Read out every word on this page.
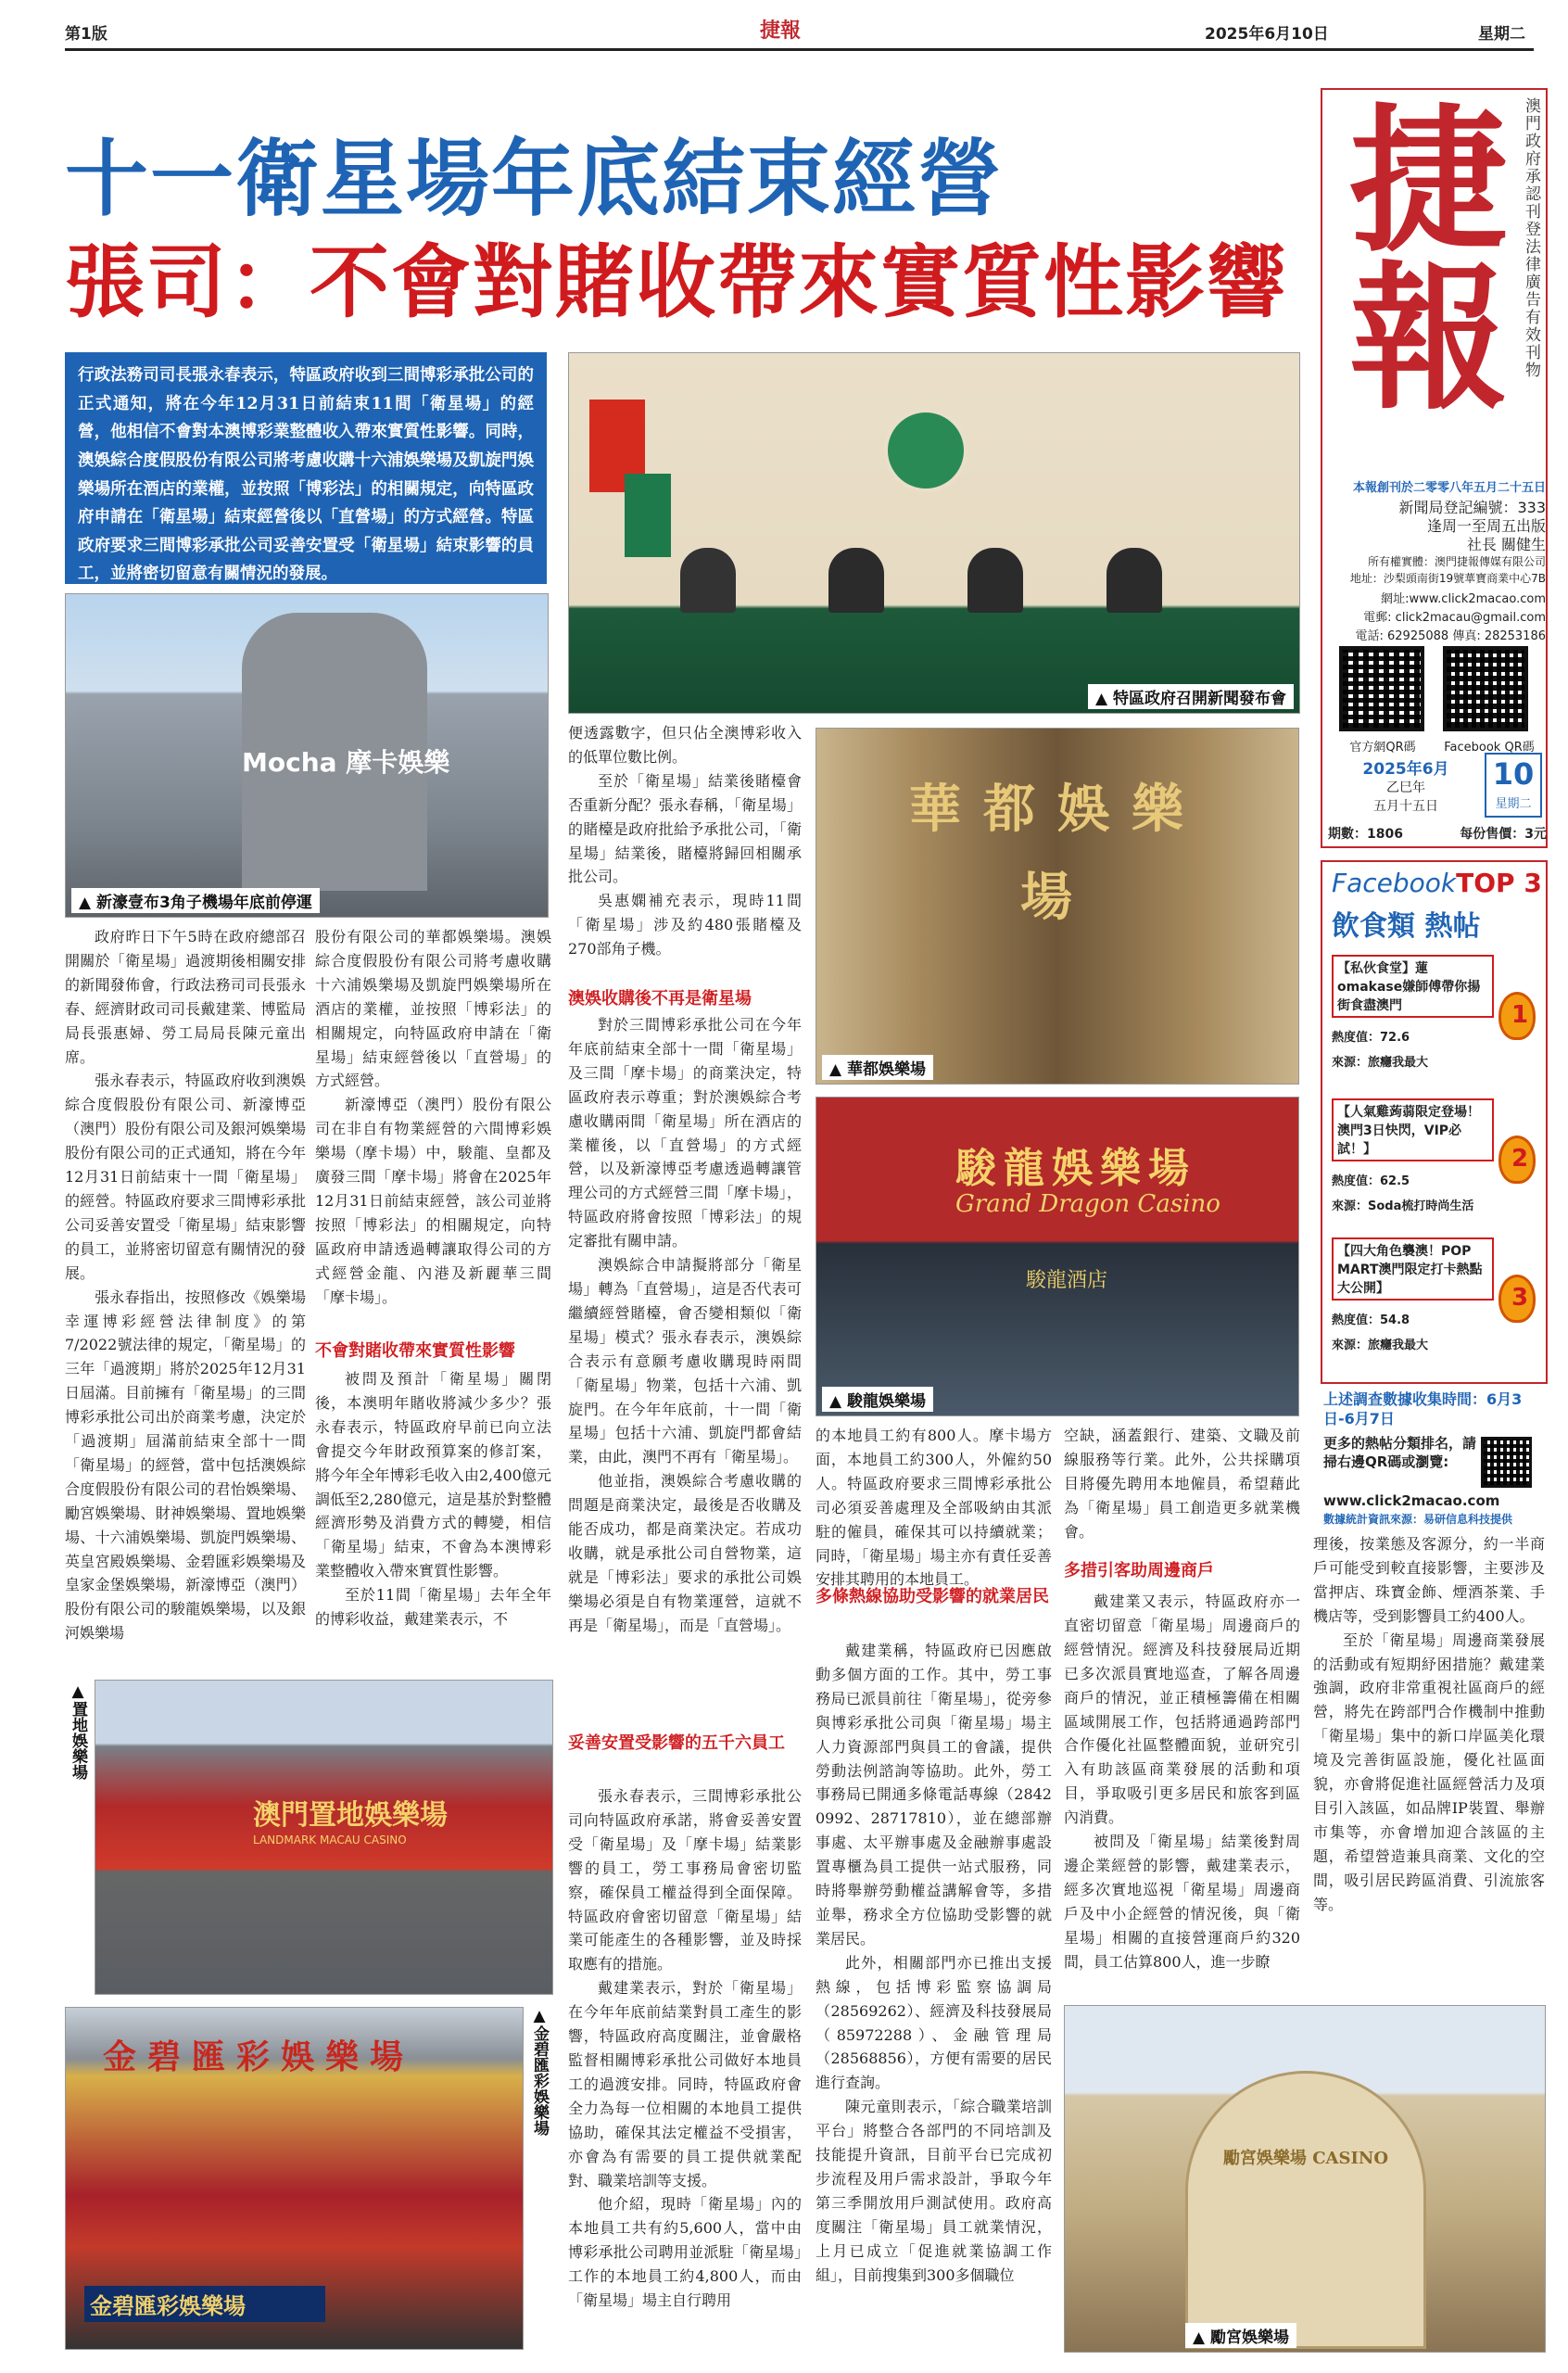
第1版	捷報	2025年6月10日	星期二
十一衛星場年底結束經營
張司：不會對賭收帶來實質性影響
行政法務司司長張永春表示，特區政府收到三間博彩承批公司的正式通知，將在今年12月31日前結束11間「衛星場」的經營，他相信不會對本澳博彩業整體收入帶來實質性影響。同時，澳娛綜合度假股份有限公司將考慮收購十六浦娛樂場及凱旋門娛樂場所在酒店的業權，並按照「博彩法」的相關規定，向特區政府申請在「衛星場」結束經營後以「直營場」的方式經營。特區政府要求三間博彩承批公司妥善安置受「衛星場」結束影響的員工，並將密切留意有關情況的發展。
Mocha 摩卡娛樂
▲ 新濠壹布3角子機場年底前停運
▲ 特區政府召開新聞發布會

政府昨日下午5時在政府總部召開關於「衛星場」過渡期後相關安排的新聞發佈會，行政法務司司長張永春、經濟財政司司長戴建業、博監局局長張惠婦、勞工局局長陳元童出席。

張永春表示，特區政府收到澳娛綜合度假股份有限公司、新濠博亞（澳門）股份有限公司及銀河娛樂場股份有限公司的正式通知，將在今年12月31日前結束十一間「衛星場」的經營。特區政府要求三間博彩承批公司妥善安置受「衛星場」結束影響的員工，並將密切留意有關情況的發展。

張永春指出，按照修改《娛樂場幸運博彩經營法律制度》的第7/2022號法律的規定，「衛星場」的三年「過渡期」將於2025年12月31日屆滿。目前擁有「衛星場」的三間博彩承批公司出於商業考慮，決定於「過渡期」屆滿前結束全部十一間「衛星場」的經營，當中包括澳娛綜合度假股份有限公司的君怡娛樂場、勵宮娛樂場、財神娛樂場、置地娛樂場、十六浦娛樂場、凱旋門娛樂場、英皇宮殿娛樂場、金碧匯彩娛樂場及皇家金堡娛樂場，新濠博亞（澳門）股份有限公司的駿龍娛樂場，以及銀河娛樂場

股份有限公司的華都娛樂場。澳娛綜合度假股份有限公司將考慮收購十六浦娛樂場及凱旋門娛樂場所在酒店的業權，並按照「博彩法」的相關規定，向特區政府申請在「衛星場」結束經營後以「直營場」的方式經營。

新濠博亞（澳門）股份有限公司在非自有物業經營的六間博彩娛樂場（摩卡場）中，駿龍、皇都及廣發三間「摩卡場」將會在2025年12月31日前結束經營，該公司並將按照「博彩法」的相關規定，向特區政府申請透過轉讓取得公司的方式經營金龍、內港及新麗華三間「摩卡場」。

不會對賭收帶來實質性影響

被問及預計「衛星場」關閉後，本澳明年賭收將減少多少？張永春表示，特區政府早前已向立法會提交今年財政預算案的修訂案，將今年全年博彩毛收入由2,400億元調低至2,280億元，這是基於對整體經濟形勢及消費方式的轉變，相信「衛星場」結束，不會為本澳博彩業整體收入帶來實質性影響。

至於11間「衛星場」去年全年的博彩收益，戴建業表示，不

便透露數字，但只佔全澳博彩收入的低單位數比例。

至於「衛星場」結業後賭檯會否重新分配？張永春稱，「衛星場」的賭檯是政府批給予承批公司，「衛星場」結業後，賭檯將歸回相關承批公司。

吳惠嫻補充表示，現時11間「衛星場」涉及約480張賭檯及270部角子機。

澳娛收購後不再是衛星場

對於三間博彩承批公司在今年年底前結束全部十一間「衛星場」及三間「摩卡場」的商業決定，特區政府表示尊重；對於澳娛綜合考慮收購兩間「衛星場」所在酒店的業權後，以「直營場」的方式經營，以及新濠博亞考慮透過轉讓管理公司的方式經營三間「摩卡場」，特區政府將會按照「博彩法」的規定審批有關申請。

澳娛綜合申請擬將部分「衛星場」轉為「直營場」，這是否代表可繼續經營賭檯，會否變相類似「衛星場」模式？張永春表示，澳娛綜合表示有意願考慮收購現時兩間「衛星場」物業，包括十六浦、凱旋門。在今年年底前，十一間「衛星場」包括十六浦、凱旋門都會結業，由此，澳門不再有「衛星場」。

他並指，澳娛綜合考慮收購的問題是商業決定，最後是否收購及能否成功，都是商業決定。若成功收購，就是承批公司自營物業，這就是「博彩法」要求的承批公司娛樂場必須是自有物業運營，這就不再是「衛星場」，而是「直營場」。

妥善安置受影響的五千六員工

張永春表示，三間博彩承批公司向特區政府承諾，將會妥善安置受「衛星場」及「摩卡場」結業影響的員工，勞工事務局會密切監察，確保員工權益得到全面保障。特區政府會密切留意「衛星場」結業可能產生的各種影響，並及時採取應有的措施。

戴建業表示，對於「衛星場」在今年年底前結業對員工產生的影響，特區政府高度關注，並會嚴格監督相關博彩承批公司做好本地員工的過渡安排。同時，特區政府會全力為每一位相關的本地員工提供協助，確保其法定權益不受損害，亦會為有需要的員工提供就業配對、職業培訓等支援。

他介紹，現時「衛星場」內的本地員工共有約5,600人，當中由博彩承批公司聘用並派駐「衛星場」工作的本地員工約4,800人，而由「衛星場」場主自行聘用

華都娛樂場
▲ 華都娛樂場
駿龍娛樂場
Grand Dragon Casino
駿龍酒店
▲ 駿龍娛樂場

的本地員工約有800人。摩卡場方面，本地員工約300人，外僱約50人。特區政府要求三間博彩承批公司必須妥善處理及全部吸納由其派駐的僱員，確保其可以持續就業；同時，「衛星場」場主亦有責任妥善安排其聘用的本地員工。

多條熱線協助受影響的就業居民

戴建業稱，特區政府已因應啟動多個方面的工作。其中，勞工事務局已派員前往「衛星場」，從旁參與博彩承批公司與「衛星場」場主人力資源部門與員工的會議，提供勞動法例諮詢等協助。此外，勞工事務局已開通多條電話專線（2842 0992、28717810），並在總部辦事處、太平辦事處及金融辦事處設置專櫃為員工提供一站式服務，同時將舉辦勞動權益講解會等，多措並舉，務求全方位協助受影響的就業居民。

此外，相關部門亦已推出支援熱線，包括博彩監察協調局（28569262）、經濟及科技發展局（85972288）、金融管理局（28568856），方便有需要的居民進行查詢。

陳元童則表示，「綜合職業培訓平台」將整合各部門的不同培訓及技能提升資訊，目前平台已完成初步流程及用戶需求設計，爭取今年第三季開放用戶測試使用。政府高度關注「衛星場」員工就業情況，上月已成立「促進就業協調工作組」，目前搜集到300多個職位

空缺，涵蓋銀行、建築、文職及前線服務等行業。此外，公共採購項目將優先聘用本地僱員，希望藉此為「衛星場」員工創造更多就業機會。

多措引客助周邊商戶

戴建業又表示，特區政府亦一直密切留意「衛星場」周邊商戶的經營情況。經濟及科技發展局近期已多次派員實地巡查，了解各周邊商戶的情況，並正積極籌備在相關區域開展工作，包括將通過跨部門合作優化社區整體面貌，並研究引入有助該區商業發展的活動和項目，爭取吸引更多居民和旅客到區內消費。

被問及「衛星場」結業後對周邊企業經營的影響，戴建業表示，經多次實地巡視「衛星場」周邊商戶及中小企經營的情況後，與「衛星場」相關的直接營運商戶約320間，員工估算800人，進一步瞭

理後，按業態及客源分，約一半商戶可能受到較直接影響，主要涉及當押店、珠寶金飾、煙酒茶業、手機店等，受到影響員工約400人。

至於「衛星場」周邊商業發展的活動或有短期紓困措施？戴建業強調，政府非常重視社區商戶的經營，將先在跨部門合作機制中推動「衛星場」集中的新口岸區美化環境及完善街區設施，優化社區面貌，亦會將促進社區經營活力及項目引入該區，如品牌IP裝置、舉辦市集等，亦會增加迎合該區的主題，希望營造兼具商業、文化的空間，吸引居民跨區消費、引流旅客等。

▲置地娛樂場
澳門置地娛樂場
LANDMARK MACAU CASINO
金碧匯彩娛樂場
金碧匯彩娛樂場
▲金碧匯彩娛樂場
勵宮娛樂場 CASINO
▲ 勵宮娛樂場
捷報 澳門政府承認刊登法律廣告有效刊物
本報創刊於二零零八年五月二十五日
新聞局登記編號：333
逢周一至周五出版
社長 關健生
所有權實體：澳門捷報傳媒有限公司
地址：沙梨頭南街19號華寶商業中心7B
網址:www.click2macao.com
電郵: click2macau@gmail.com
電話: 62925088 傳真: 28253186
官方網QR碼	Facebook QR碼
2025年6月
乙巳年
五月十五日
10
星期二
期數：1806	每份售價：3元
FacebookTOP 3
飲食類 熱帖
【私伙食堂】蓮omakase嫌師傅帶你揚街食盡澳門
熱度值：72.6
來源：旅癮我最大
1
【人氣雞蒟蒻限定登場！澳門3日快閃，VIP必試！】
熱度值：62.5
來源：Soda梳打時尚生活
2
【四大角色襲澳！POP MART澳門限定打卡熱點大公開】
熱度值：54.8
來源：旅癮我最大
3
上述調查數據收集時間：6月3日-6月7日
更多的熱帖分類排名，請掃右邊QR碼或瀏覽:
www.click2macao.com
數據統計資訊來源：易研信息科技提供
